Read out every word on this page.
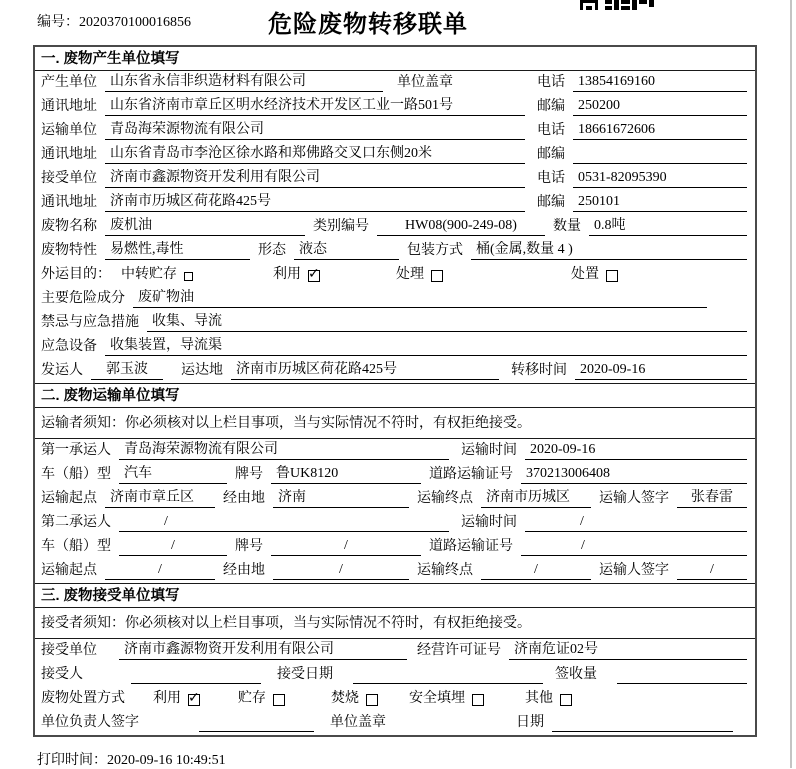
编号：2020370100016856	危险废物转移联单
一. 废物产生单位填写
产生单位 山东省永信非织造材料有限公司	单位盖章	电话 13854169160
通讯地址 山东省济南市章丘区明水经济技术开发区工业一路501号	邮编 250200
运输单位 青岛海荣源物流有限公司	电话 18661672606
通讯地址 山东省青岛市李沧区徐水路和郑佛路交叉口东侧20米	邮编
接受单位 济南市鑫源物资开发利用有限公司	电话 0531-82095390
通讯地址 济南市历城区荷花路425号	邮编 250101
废物名称 废机油	类别编号	HW08(900-249-08)	数量 0.8吨
废物特性 易燃性,毒性	形态 液态	包装方式 桶(金属,数量 4 )
外运目的： 中转贮存	利用 ✓	处理	处置
主要危险成分 废矿物油
禁忌与应急措施 收集、导流
应急设备 收集装置，导流渠
发运人	郭玉波	运达地 济南市历城区荷花路425号	转移时间 2020-09-16
二. 废物运输单位填写
运输者须知：你必须核对以上栏目事项，当与实际情况不符时，有权拒绝接受。
第一承运人 青岛海荣源物流有限公司	运输时间 2020-09-16
车（船）型 汽车	牌号 鲁UK8120	道路运输证号 370213006408
运输起点 济南市章丘区	经由地 济南	运输终点 济南市历城区	运输人签字	张春雷
第二承运人	/	运输时间	/
车（船）型	/	牌号	/	道路运输证号	/
运输起点	/	经由地	/	运输终点	/	运输人签字	/
三. 废物接受单位填写
接受者须知：你必须核对以上栏目事项，当与实际情况不符时，有权拒绝接受。
接受单位	济南市鑫源物资开发利用有限公司	经营许可证号 济南危证02号
接受人	接受日期	签收量
废物处置方式 利用 ✓	贮存	焚烧	安全填埋	其他
单位负责人签字	单位盖章	日期
打印时间：2020-09-16 10:49:51
